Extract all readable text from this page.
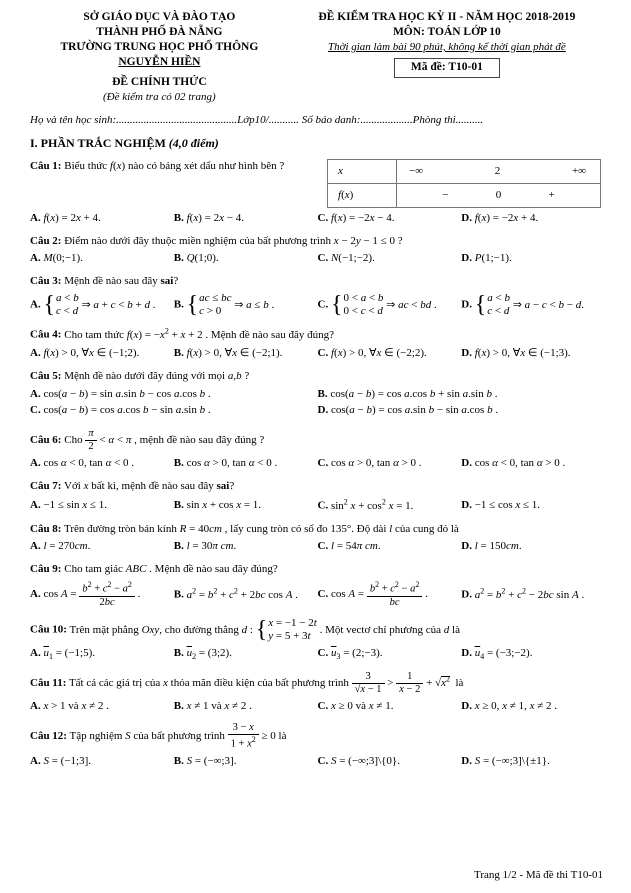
SỞ GIÁO DỤC VÀ ĐÀO TẠO
THÀNH PHỐ ĐÀ NẴNG
TRƯỜNG TRUNG HỌC PHỔ THÔNG
NGUYỄN HIỀN
ĐỀ CHÍNH THỨC
(Đề kiểm tra có 02 trang)
ĐỀ KIỂM TRA HỌC KỲ II - NĂM HỌC 2018-2019
MÔN: TOÁN LỚP 10
Thời gian làm bài 90 phút, không kể thời gian phát đề
Mã đề: T10-01
Họ và tên học sinh:............................................Lớp10/........... Số báo danh:...................Phòng thi..........
I. PHẦN TRẮC NGHIỆM (4,0 điểm)
Câu 1: Biểu thức f(x) nào có bảng xét dấu như hình bên ?	x	−∞	2	+∞
f(x)	−	0	+
A. f(x) = 2x + 4.	B. f(x) = 2x − 4.	C. f(x) = −2x − 4.	D. f(x) = −2x + 4.
Câu 2: Điểm nào dưới đây thuộc miền nghiệm của bất phương trình x − 2y − 1 ≤ 0 ?
A. M(0;−1).	B. Q(1;0).	C. N(−1;−2).	D. P(1;−1).
Câu 3: Mệnh đề nào sau đây sai?
A. { a < b
c < d
⇒ a + c < b + d .	B. { ac ≤ bc
c > 0
⇒ a ≤ b .	C. { 0 < a < b
0 < c < d
⇒ ac < bd .	D. { a < b
c < d
⇒ a − c < b − d.
Câu 4: Cho tam thức $f(x) = -x^2 + x + 2$ . Mệnh đề nào sau đây đúng?
A. f(x) > 0, ∀x ∈ (−1;2).	B. f(x) > 0, ∀x ∈ (−2;1).	C. f(x) > 0, ∀x ∈ (−2;2).	D. f(x) > 0, ∀x ∈ (−1;3).
Câu 5: Mệnh đề nào dưới đây đúng với mọi a,b ?
A. cos(a − b) = sin a.sin b − cos a.cos b .	B. cos(a − b) = cos a.cos b + sin a.sin b .
C. cos(a − b) = cos a.cos b − sin a.sin b .	D. cos(a − b) = cos a.sin b − sin a.cos b .
Câu 6: Cho $\frac{\pi}{2} < \alpha < \pi$ , mệnh đề nào sau đây đúng ?
A. cos α < 0, tan α < 0 .	B. cos α > 0, tan α < 0 .	C. cos α > 0, tan α > 0 .	D. cos α < 0, tan α > 0 .
Câu 7: Với x bất kì, mệnh đề nào sau đây sai?
A. −1 ≤ sin x ≤ 1.	B. sin x + cos x = 1.	C. $\sin^2 x + \cos^2 x = 1$.	D. −1 ≤ cos x ≤ 1.
Câu 8: Trên đường tròn bán kính R = 40cm , lấy cung tròn có số đo 135°. Độ dài l của cung đó là
A. l = 270cm.	B. l = 30π cm.	C. l = 54π cm.	D. l = 150cm.
Câu 9: Cho tam giác ABC . Mệnh đề nào sau đây đúng?
A. $\cos A = \frac{b^2 + c^2 - a^2}{2bc}$ .	B. $a^2 = b^2 + c^2 + 2bc$ cos A .	C. $\cos A = \frac{b^2 + c^2 - a^2}{bc}$ .	D. $a^2 = b^2 + c^2 - 2bc$ sin A .
Câu 10: Trên mặt phẳng Oxy, cho đường thẳng d : { x = −1 − 2t
y = 5 + 3t
. Một vectơ chỉ phương của d là
A. $\overline{u}_1$ = (−1;5).	B. $\overline{u}_2$ = (3;2).	C. $\overline{u}_3$ = (2;−3).	D. $\overline{u}_4$ = (−3;−2).
Câu 11: Tất cả các giá trị của x thỏa mãn điều kiện của bất phương trình $\frac{3}{√x - 1} > \frac{1}{x - 2} + √x^2$  là
A. x > 1 và x ≠ 2 .	B. x ≠ 1 và x ≠ 2 .	C. x ≥ 0 và x ≠ 1.	D. x ≥ 0, x ≠ 1, x ≠ 2 .
Câu 12: Tập nghiệm S của bất phương trình $\frac{3 - x}{1 + x^2} \ge 0$ là
A. S = (−1;3].	B. S = (−∞;3].	C. S = (−∞;3]\{0}.	D. S = (−∞;3]\{±1}.
Trang 1/2 - Mã đề thi T10-01
